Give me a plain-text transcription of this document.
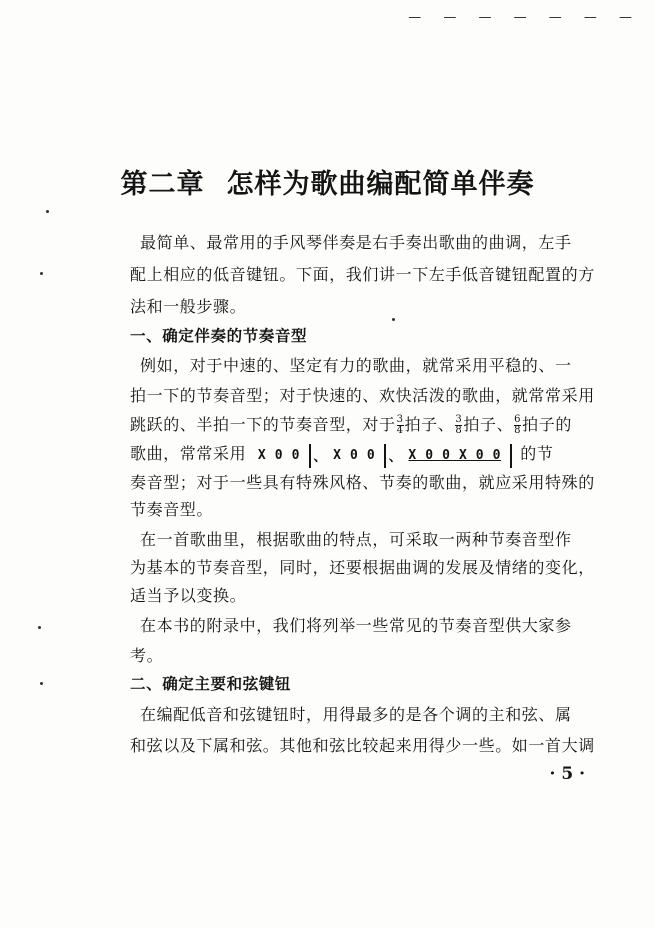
— — — — — — —
第二章 怎样为歌曲编配简单伴奏
最简单、最常用的手风琴伴奏是右手奏出歌曲的曲调，左手
配上相应的低音键钮。下面，我们讲一下左手低音键钮配置的方
法和一般步骤。
一、确定伴奏的节奏音型
例如，对于中速的、坚定有力的歌曲，就常采用平稳的、一
拍一下的节奏音型；对于快速的、欢快活泼的歌曲，就常常采用
跳跃的、半拍一下的节奏音型，对于 $\frac{3}{4}$ 拍子、 $\frac{3}{8}$ 拍子、 $\frac{6}{8}$ 拍子的
歌曲，常常采用 X 0 0	、 X 0 0	、 X 0 0 X 0 0	的节
奏音型；对于一些具有特殊风格、节奏的歌曲，就应采用特殊的
节奏音型。
在一首歌曲里，根据歌曲的特点，可采取一两种节奏音型作
为基本的节奏音型，同时，还要根据曲调的发展及情绪的变化，
适当予以变换。
在本书的附录中，我们将列举一些常见的节奏音型供大家参
考。
二、确定主要和弦键钮
在编配低音和弦键钮时，用得最多的是各个调的主和弦、属
和弦以及下属和弦。其他和弦比较起来用得少一些。如一首大调
· 5 ·
